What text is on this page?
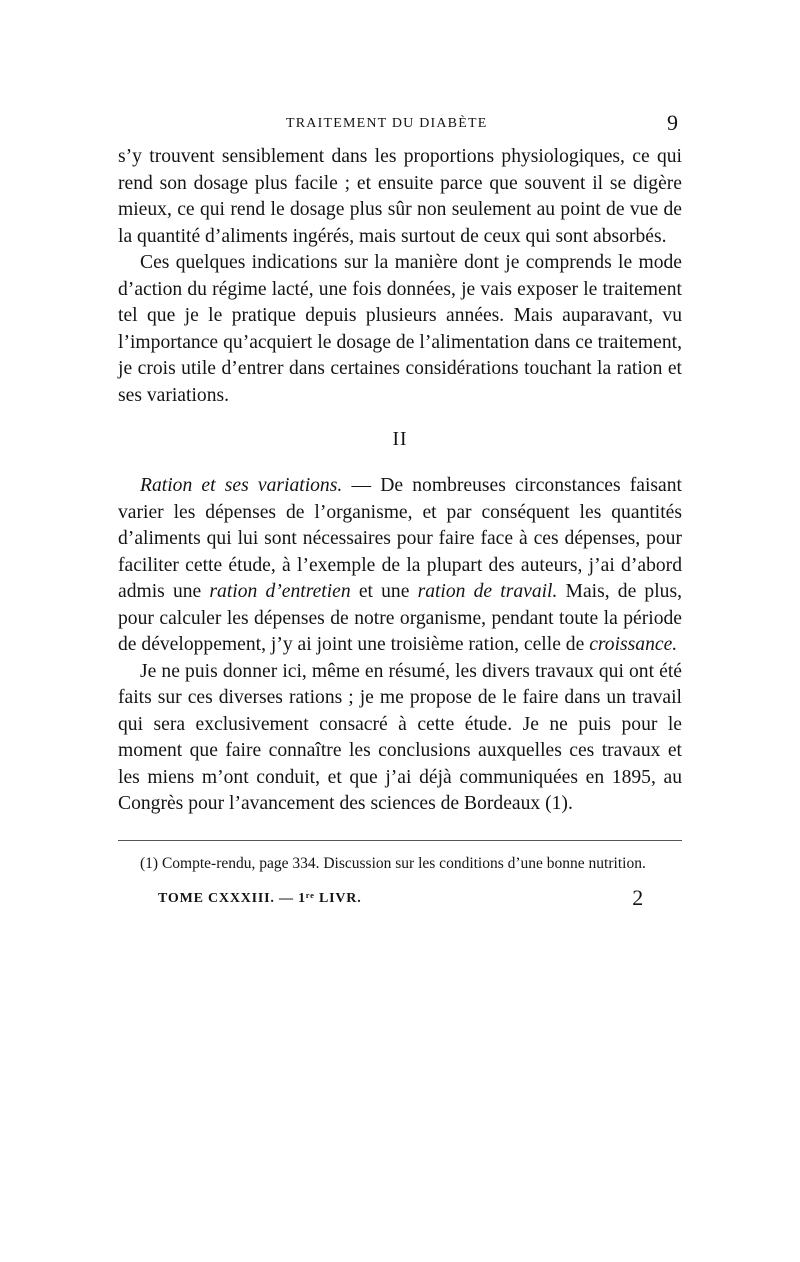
TRAITEMENT DU DIABÈTE	9

s’y trouvent sensiblement dans les proportions physiologiques, ce qui rend son dosage plus facile ; et ensuite parce que souvent il se digère mieux, ce qui rend le dosage plus sûr non seulement au point de vue de la quantité d’aliments ingérés, mais surtout de ceux qui sont absorbés.

Ces quelques indications sur la manière dont je comprends le mode d’action du régime lacté, une fois données, je vais exposer le traitement tel que je le pratique depuis plusieurs années. Mais auparavant, vu l’importance qu’acquiert le dosage de l’alimentation dans ce traitement, je crois utile d’entrer dans certaines considérations touchant la ration et ses variations.

II

Ration et ses variations. — De nombreuses circonstances faisant varier les dépenses de l’organisme, et par conséquent les quantités d’aliments qui lui sont nécessaires pour faire face à ces dépenses, pour faciliter cette étude, à l’exemple de la plupart des auteurs, j’ai d’abord admis une ration d’entretien et une ration de travail. Mais, de plus, pour calculer les dépenses de notre organisme, pendant toute la période de développement, j’y ai joint une troisième ration, celle de croissance.

Je ne puis donner ici, même en résumé, les divers travaux qui ont été faits sur ces diverses rations ; je me propose de le faire dans un travail qui sera exclusivement consacré à cette étude. Je ne puis pour le moment que faire connaître les conclusions auxquelles ces travaux et les miens m’ont conduit, et que j’ai déjà communiquées en 1895, au Congrès pour l’avancement des sciences de Bordeaux (1).

(1) Compte-rendu, page 334. Discussion sur les conditions d’une bonne nutrition.

TOME CXXXIII. — 1ʳᵉ LIVR.	2
